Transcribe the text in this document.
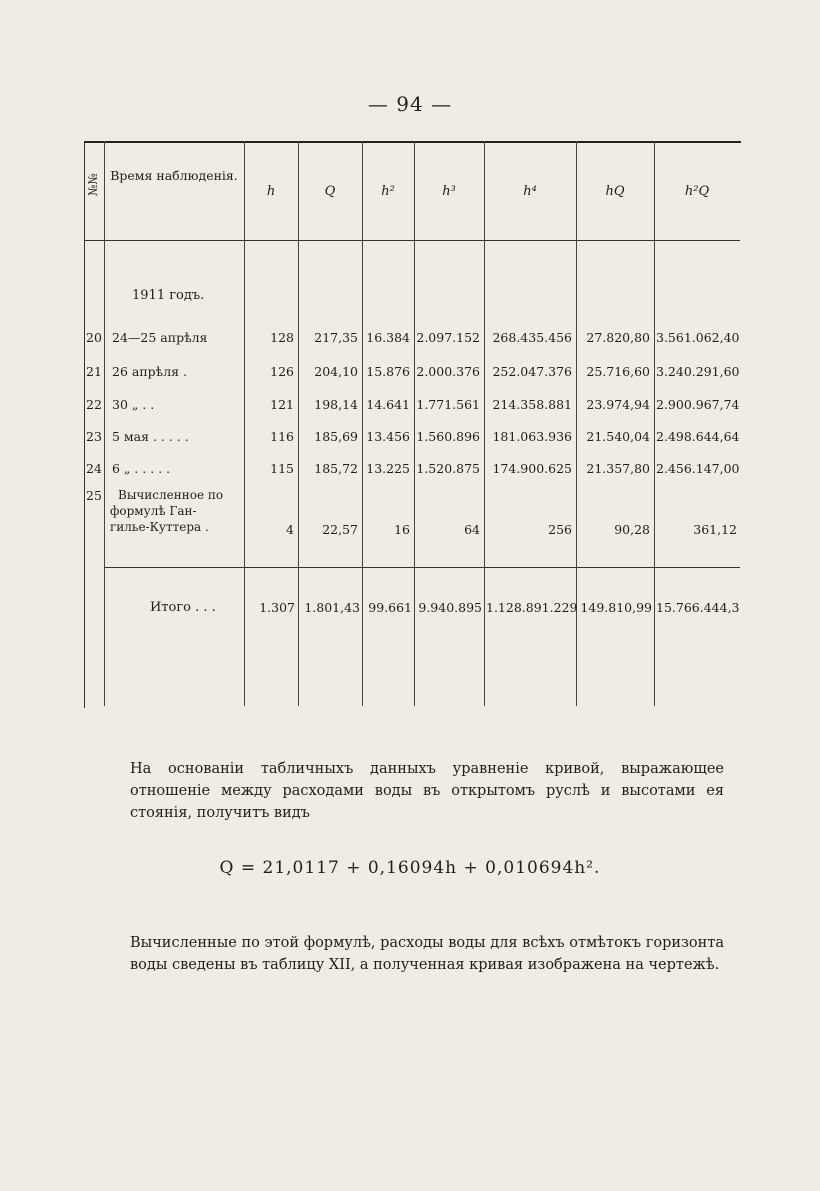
— 94 —
№№ Время наблюденія.
h	Q	h²	h³	h⁴	hQ	h²Q
1911 годъ.
20 24—25 апрѣля	128	217,35 16.384 2.097.152 268.435.456	27.820,80 3.561.062,40
21 26 апрѣля .	126	204,10 15.876 2.000.376 252.047.376	25.716,60 3.240.291,60
22 30 „ . .	121	198,14 14.641 1.771.561 214.358.881	23.974,94 2.900.967,74
23 5 мая . . . . .	116	185,69 13.456 1.560.896 181.063.936	21.540,04 2.498.644,64
24 6 „ . . . . .	115	185,72 13.225 1.520.875 174.900.625	21.357,80 2.456.147,00
25 Вычисленное по
формулѣ Ган-
гилье-Куттера .	4	22,57	16	64	256	90,28	361,12
Итого . . .	1.307 1.801,43 99.661 9.940.895 1.128.891.229 149.810,99 15.766.444,3
На основаніи табличныхъ данныхъ уравненіе кривой, выражающее отношеніе между расходами воды въ открытомъ руслѣ и высотами ея стоянія, получитъ видъ
Q = 21,0117 + 0,16094h + 0,010694h².
Вычисленные по этой формулѣ, расходы воды для всѣхъ отмѣтокъ горизонта воды сведены въ таблицу XII, а полученная кривая изображена на чертежѣ.
